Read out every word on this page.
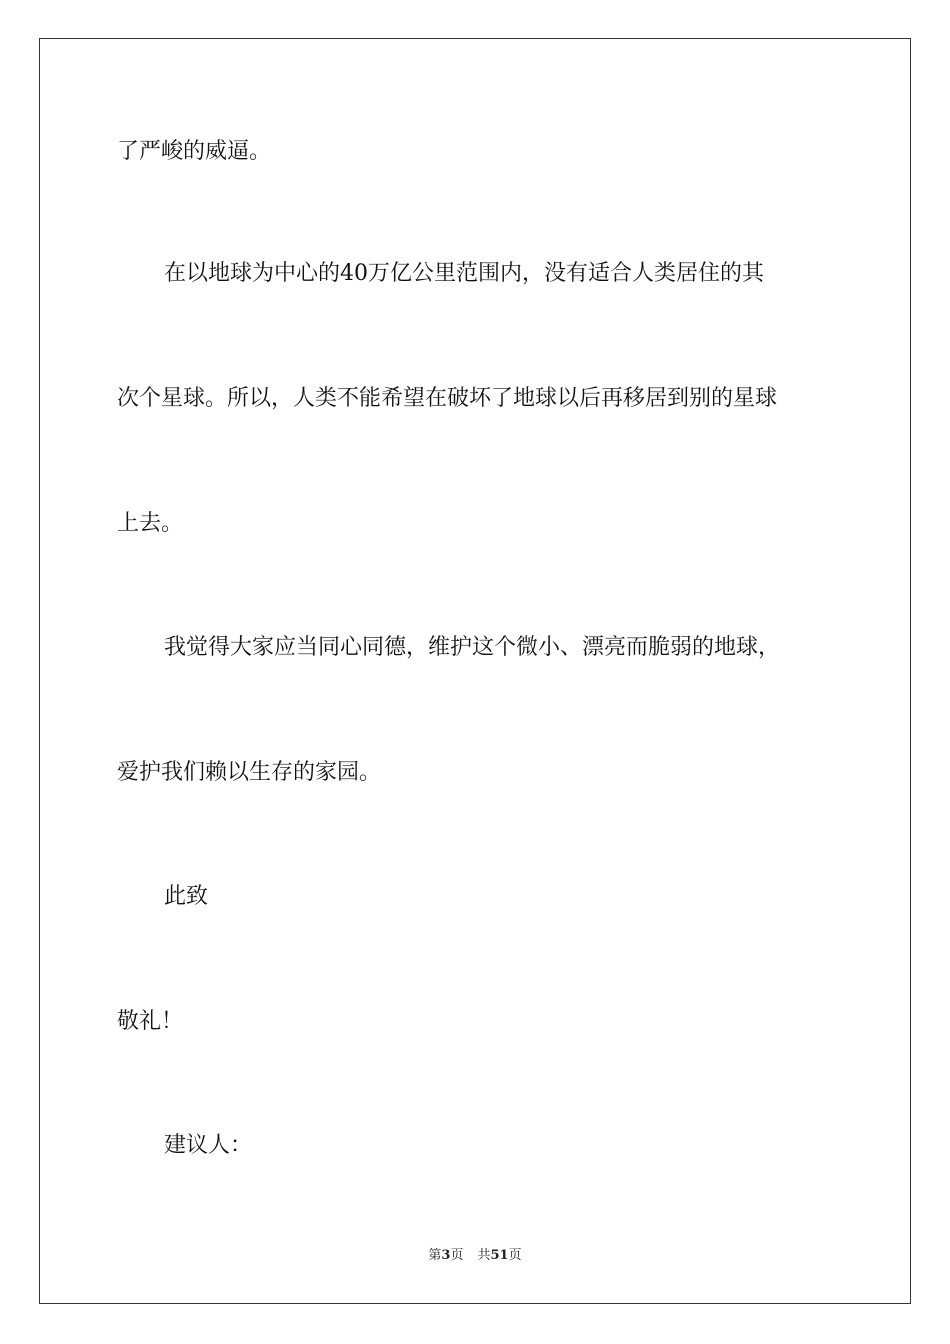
了严峻的威逼。

在以地球为中心的40万亿公里范围内，没有适合人类居住的其

次个星球。所以，人类不能希望在破坏了地球以后再移居到别的星球

上去。

我觉得大家应当同心同德，维护这个微小、漂亮而脆弱的地球，

爱护我们赖以生存的家园。

此致

敬礼！

建议人：

第3页 共51页
